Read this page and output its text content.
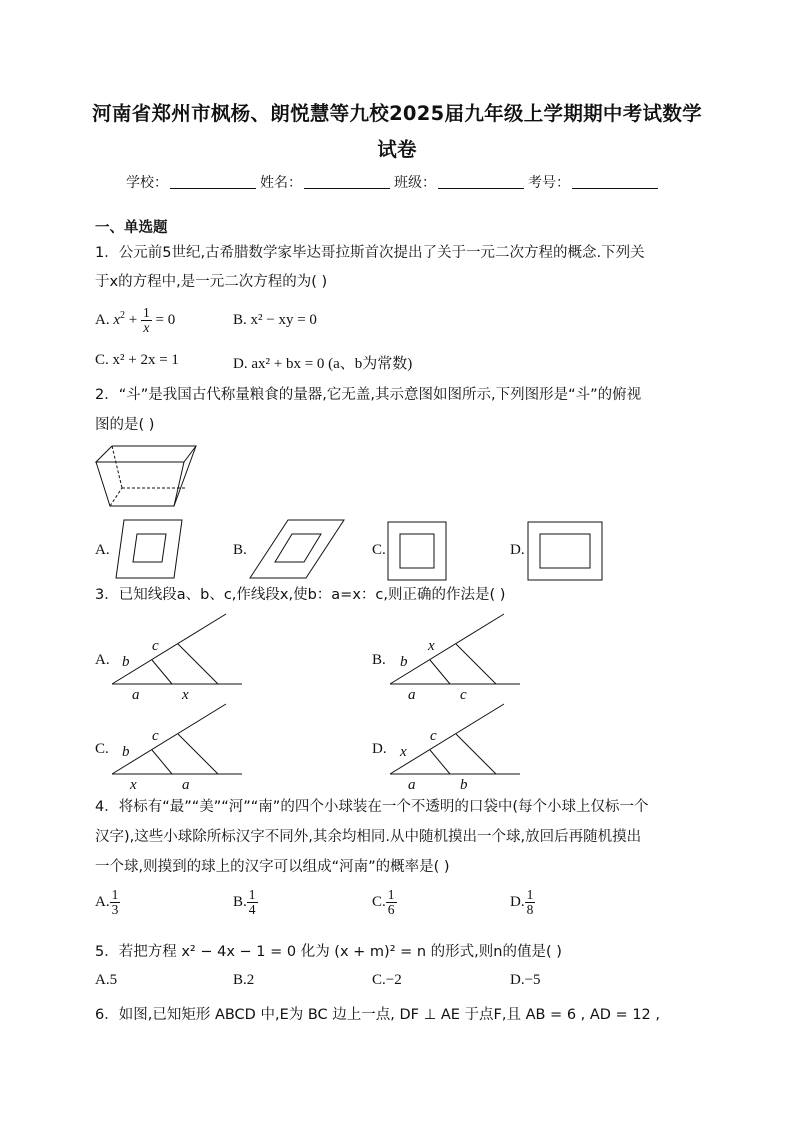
河南省郑州市枫杨、朗悦慧等九校2025届九年级上学期期中考试数学
试卷
学校：	姓名：	班级：	考号：
一、单选题
1．公元前5世纪,古希腊数学家毕达哥拉斯首次提出了关于一元二次方程的概念.下列关
于x的方程中,是一元二次方程的为( )
A. $x^2 + \frac{1}{x} = 0$	B. x² − xy = 0
C. x² + 2x = 1	D. ax² + bx = 0 (a、b为常数)
2．“斗”是我国古代称量粮食的量器,它无盖,其示意图如图所示,下列图形是“斗”的俯视
图的是( )
A.	B.	C.	D.
3．已知线段a、b、c,作线段x,使b：a=x：c,则正确的作法是( )
A. b
c
a	x
B. b
x
a	c
C. b
c
x	a
D. x
c
a	b
4．将标有“最”“美”“河”“南”的四个小球装在一个不透明的口袋中(每个小球上仅标一个
汉字),这些小球除所标汉字不同外,其余均相同.从中随机摸出一个球,放回后再随机摸出
一个球,则摸到的球上的汉字可以组成“河南”的概率是( )
A. $\frac{1}{3}$	B. $\frac{1}{4}$	C. $\frac{1}{6}$	D. $\frac{1}{8}$
5．若把方程 x² − 4x − 1 = 0 化为 (x + m)² = n 的形式,则n的值是( )
A.5	B.2	C.−2	D.−5
6．如图,已知矩形 ABCD 中,E为 BC 边上一点, DF ⊥ AE 于点F,且 AB = 6 , AD = 12 ,
